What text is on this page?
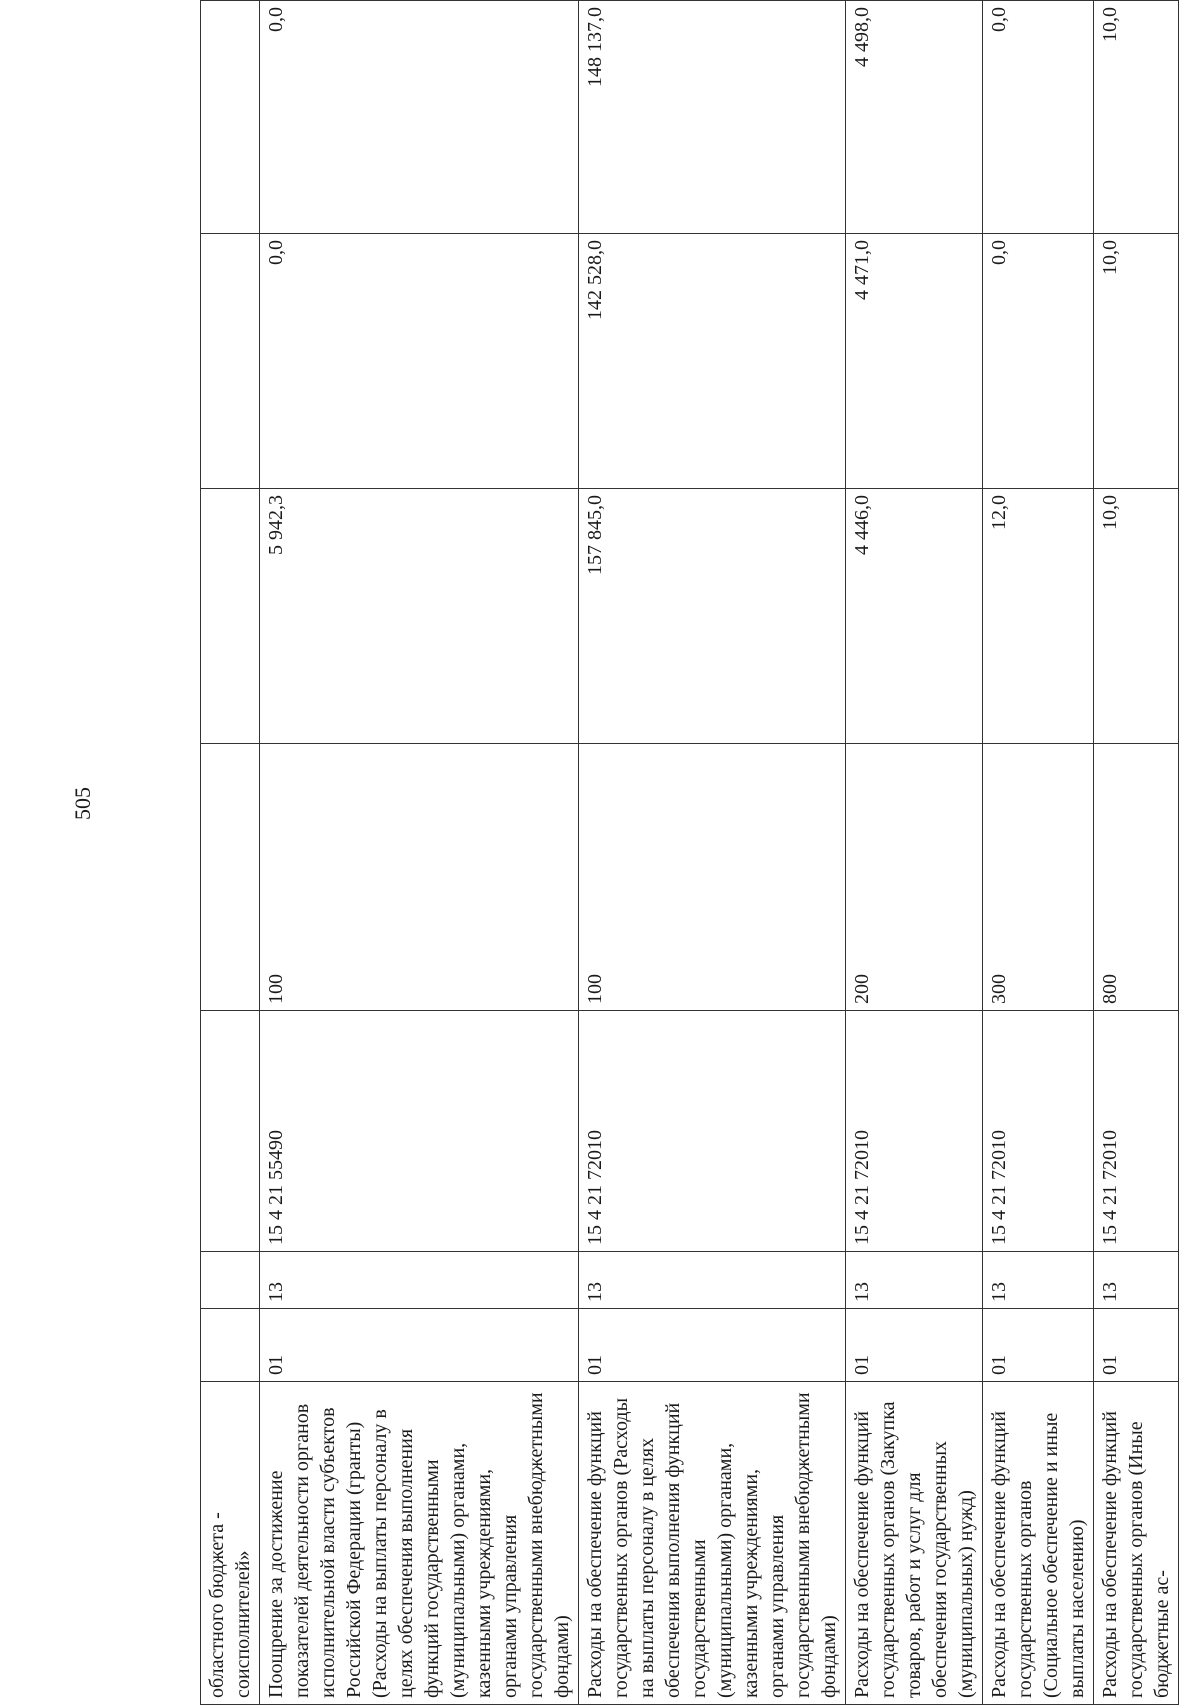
505
областного бюджета - соисполнителей»							
Поощрение за достижение показателей деятельности органов исполнительной власти субъектов Российской Федерации (гранты) (Расходы на выплаты персоналу в целях обеспечения выполнения функций государственными (муниципальными) органами, казенными учреждениями, органами управления государственными внебюджетными фондами)	01	13	15 4 21 55490	100	5 942,3	0,0	0,0
Расходы на обеспечение функций государственных органов (Расходы на выплаты персоналу в целях обеспечения выполнения функций государственными (муниципальными) органами, казенными учреждениями, органами управления государственными внебюджетными фондами)	01	13	15 4 21 72010	100	157 845,0	142 528,0	148 137,0
Расходы на обеспечение функций государственных органов (Закупка товаров, работ и услуг для обеспечения государственных (муниципальных) нужд)	01	13	15 4 21 72010	200	4 446,0	4 471,0	4 498,0
Расходы на обеспечение функций государственных органов (Социальное обеспечение и иные выплаты населению)	01	13	15 4 21 72010	300	12,0	0,0	0,0
Расходы на обеспечение функций государственных органов (Иные бюджетные ас-	01	13	15 4 21 72010	800	10,0	10,0	10,0
